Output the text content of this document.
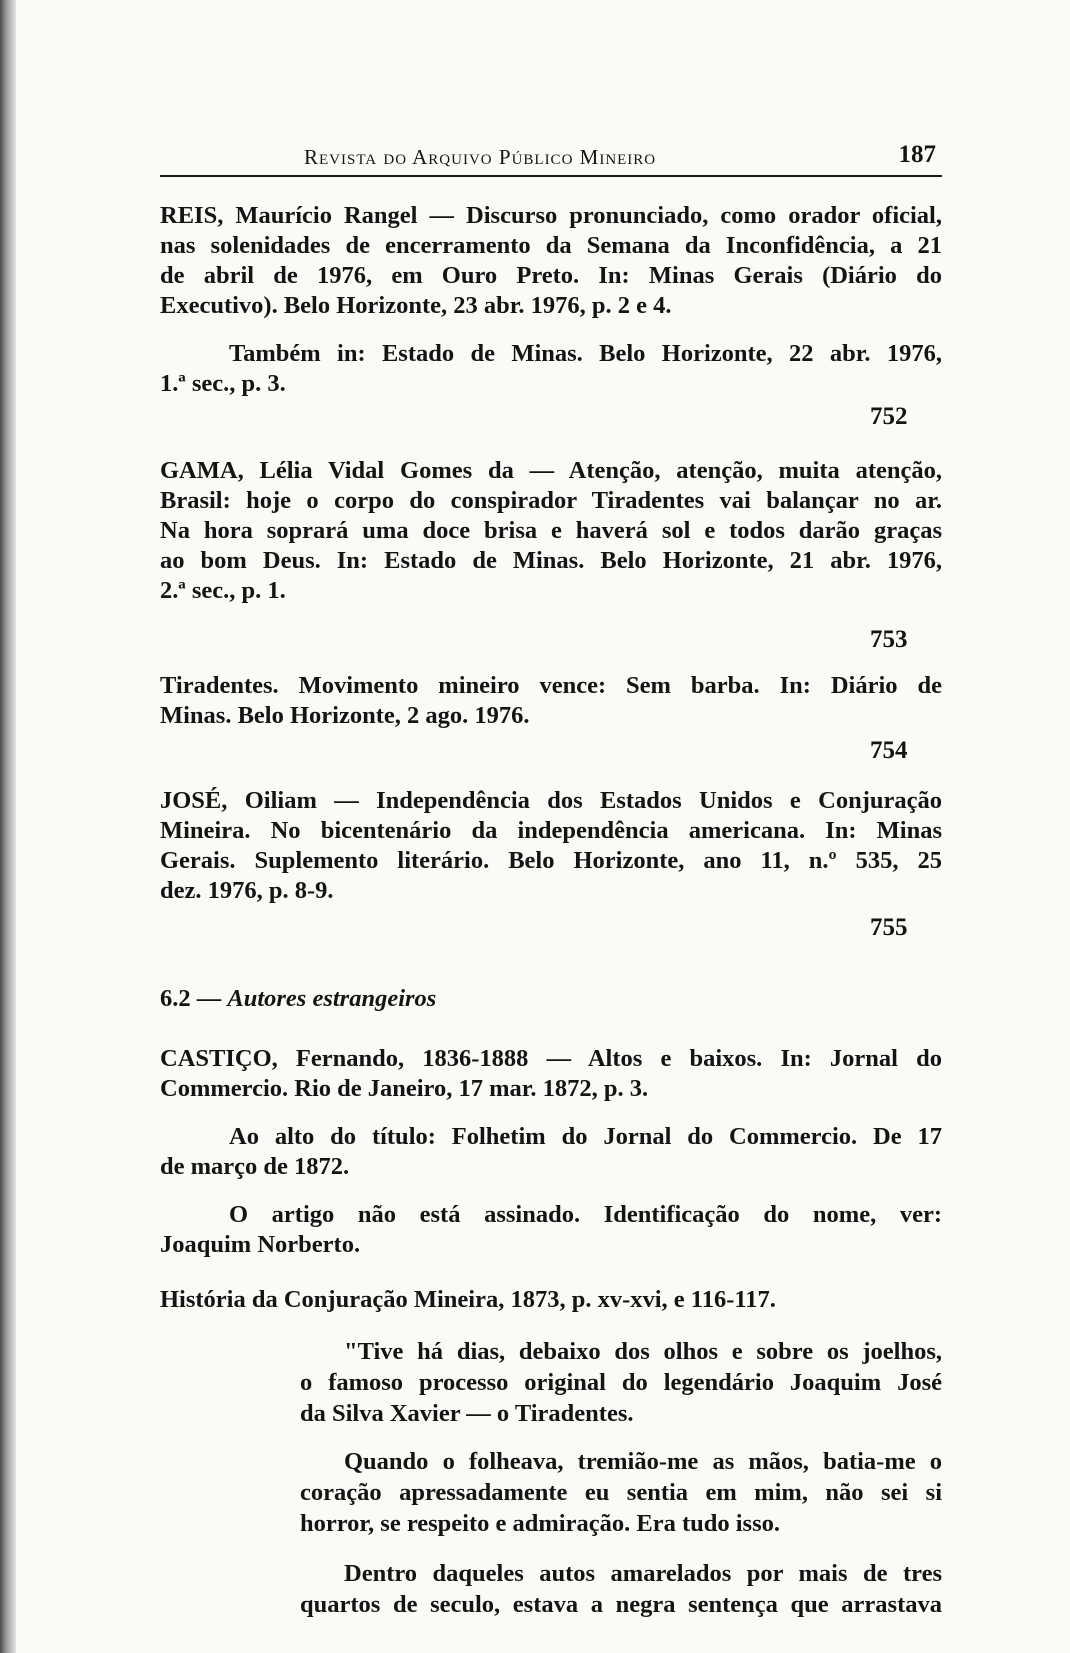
Revista do Arquivo Público Mineiro	187
REIS, Maurício Rangel — Discurso pronunciado, como orador oficial,
nas solenidades de encerramento da Semana da Inconfidência, a 21
de abril de 1976, em Ouro Preto. In: Minas Gerais (Diário do
Executivo). Belo Horizonte, 23 abr. 1976, p. 2 e 4.
Também in: Estado de Minas. Belo Horizonte, 22 abr. 1976,
1.ª sec., p. 3.
752
GAMA, Lélia Vidal Gomes da — Atenção, atenção, muita atenção,
Brasil: hoje o corpo do conspirador Tiradentes vai balançar no ar.
Na hora soprará uma doce brisa e haverá sol e todos darão graças
ao bom Deus. In: Estado de Minas. Belo Horizonte, 21 abr. 1976,
2.ª sec., p. 1.
753
Tiradentes. Movimento mineiro vence: Sem barba. In: Diário de
Minas. Belo Horizonte, 2 ago. 1976.
754
JOSÉ, Oiliam — Independência dos Estados Unidos e Conjuração
Mineira. No bicentenário da independência americana. In: Minas
Gerais. Suplemento literário. Belo Horizonte, ano 11, n.º 535, 25
dez. 1976, p. 8-9.
755
6.2 — Autores estrangeiros
CASTIÇO, Fernando, 1836-1888 — Altos e baixos. In: Jornal do
Commercio. Rio de Janeiro, 17 mar. 1872, p. 3.
Ao alto do título: Folhetim do Jornal do Commercio. De 17
de março de 1872.
O artigo não está assinado. Identificação do nome, ver:
Joaquim Norberto.
História da Conjuração Mineira, 1873, p. xv-xvi, e 116-117.
"Tive há dias, debaixo dos olhos e sobre os joelhos,
o famoso processo original do legendário Joaquim José
da Silva Xavier — o Tiradentes.
Quando o folheava, tremião-me as mãos, batia-me o
coração apressadamente eu sentia em mim, não sei si
horror, se respeito e admiração. Era tudo isso.
Dentro daqueles autos amarelados por mais de tres
quartos de seculo, estava a negra sentença que arrastava
